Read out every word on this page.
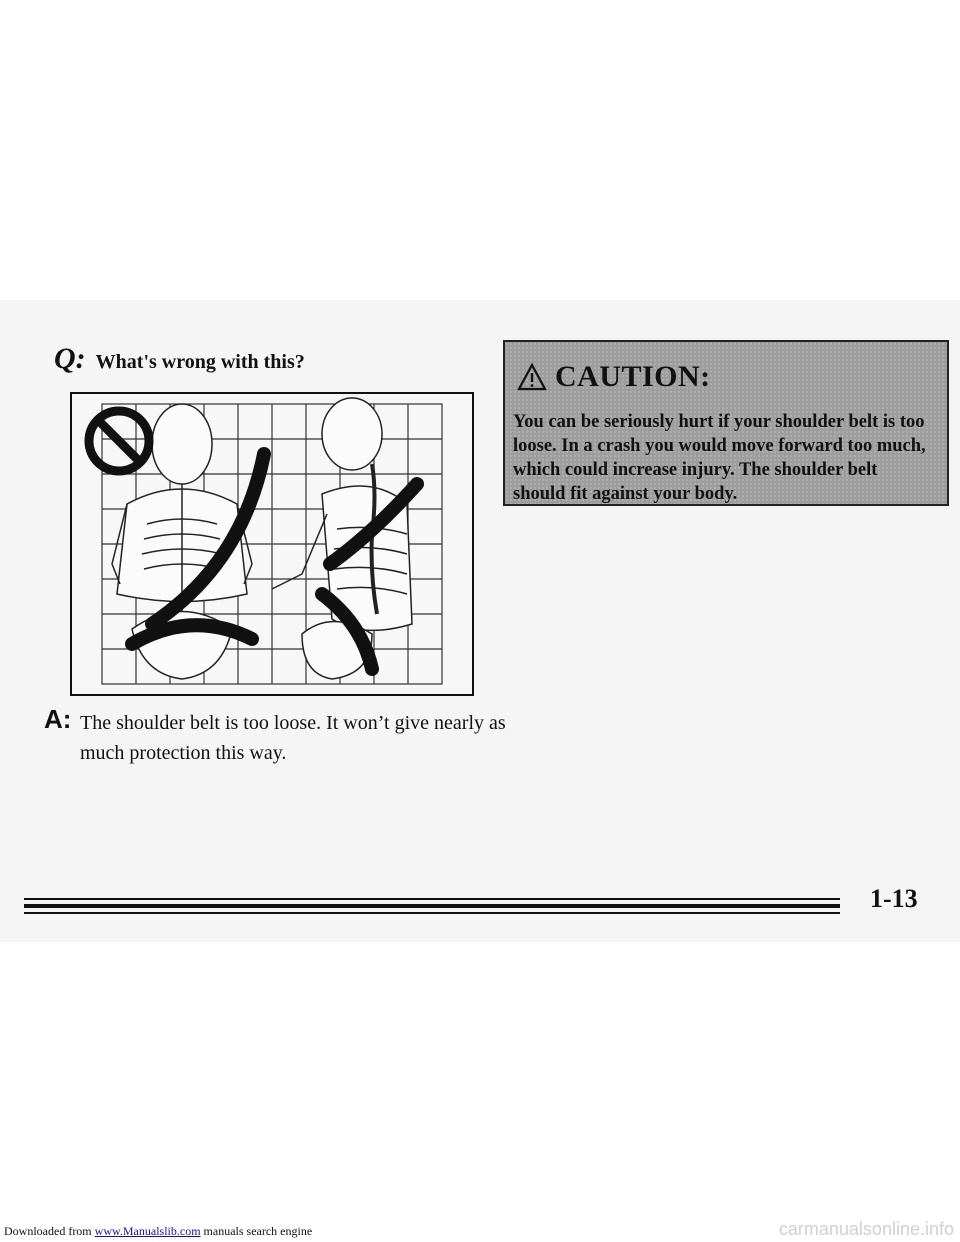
Q: What's wrong with this?
A: The shoulder belt is too loose. It won’t give nearly as much protection this way.
CAUTION:
You can be seriously hurt if your shoulder belt is too loose. In a crash you would move forward too much, which could increase injury. The shoulder belt should fit against your body.
1-13
Downloaded from www.Manualslib.com manuals search engine	carmanualsonline.info
